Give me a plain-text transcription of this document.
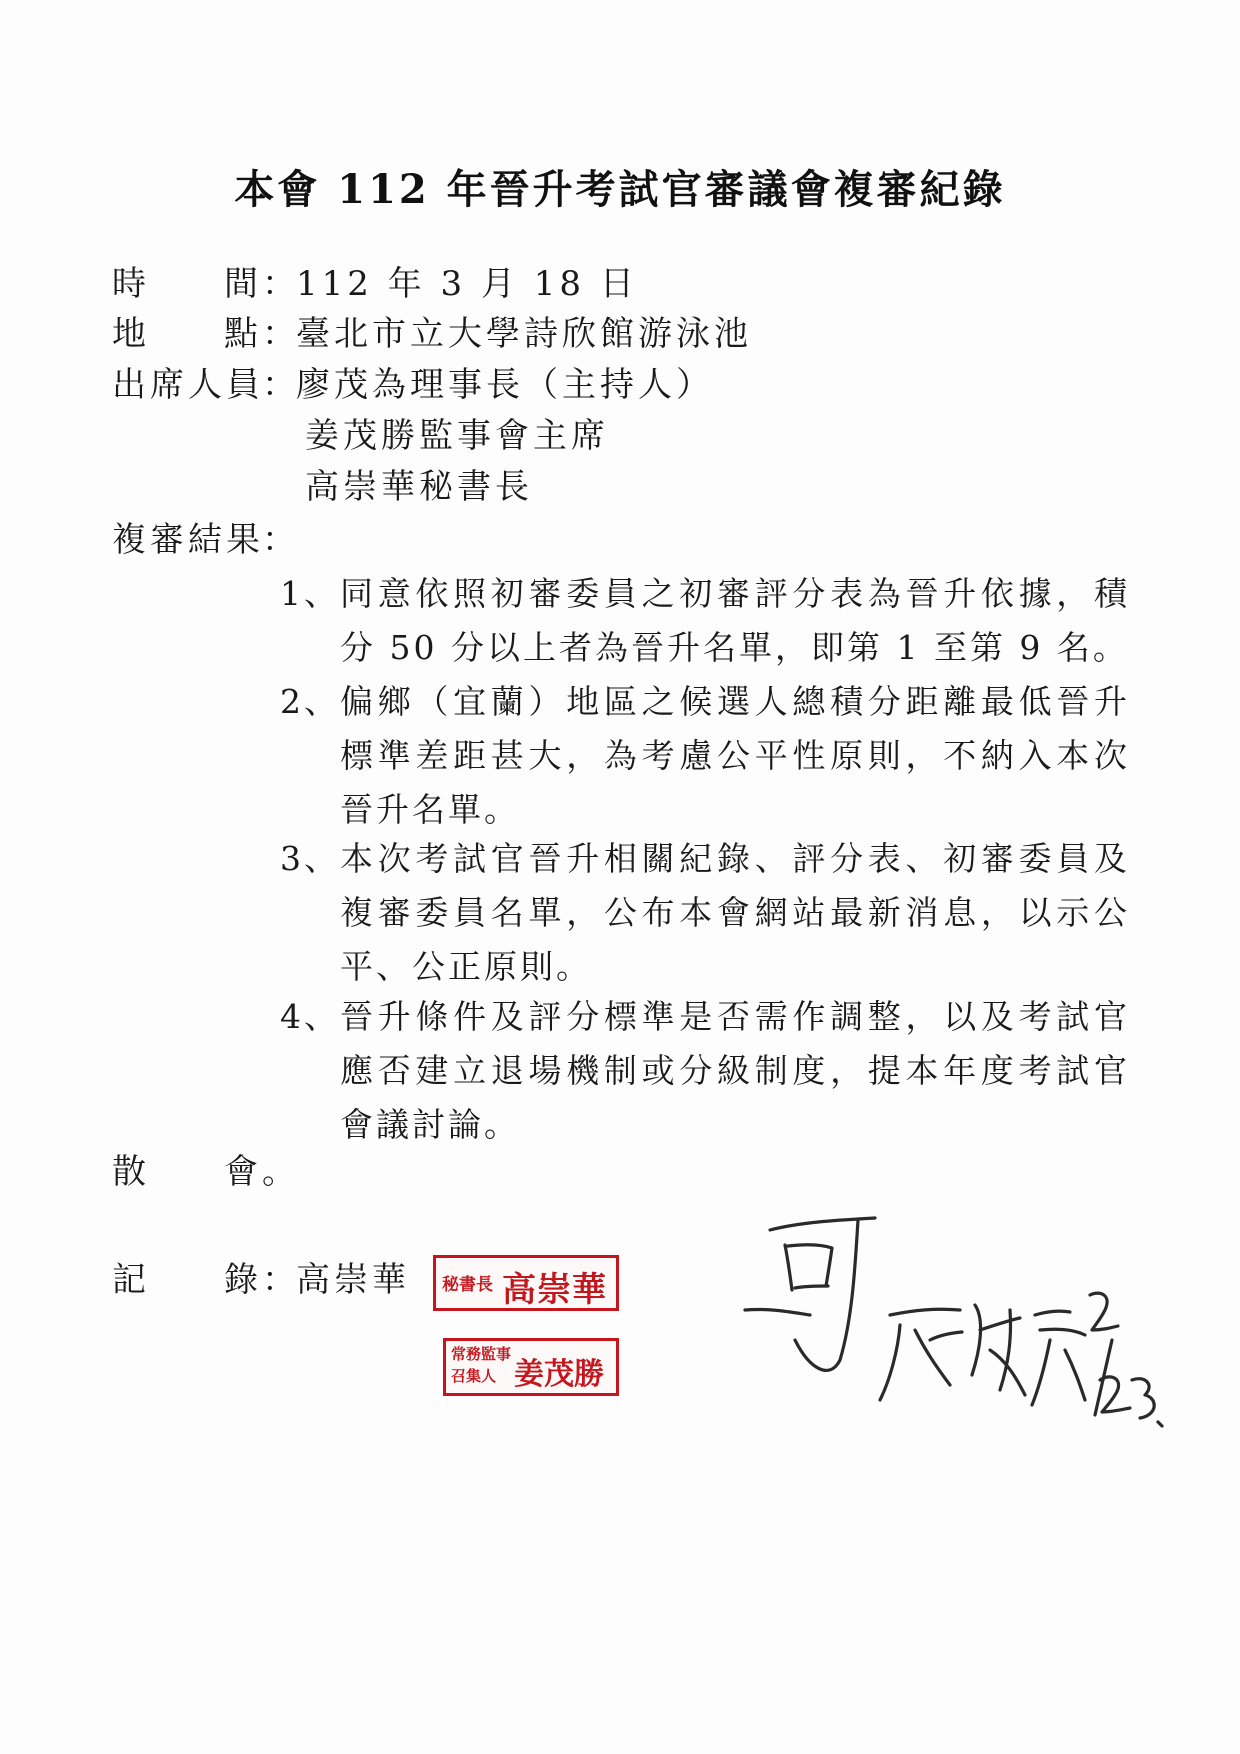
本會 112 年晉升考試官審議會複審紀錄
時間：112 年 3 月 18 日
地點：臺北市立大學詩欣館游泳池
出席人員：廖茂為理事長（主持人）
姜茂勝監事會主席
高崇華秘書長
複審結果：
1、 同意依照初審委員之初審評分表為晉升依據，積分 50 分以上者為晉升名單，即第 1 至第 9 名。
2、 偏鄉（宜蘭）地區之候選人總積分距離最低晉升標準差距甚大，為考慮公平性原則，不納入本次晉升名單。
3、 本次考試官晉升相關紀錄、評分表、初審委員及複審委員名單，公布本會網站最新消息，以示公平、公正原則。
4、 晉升條件及評分標準是否需作調整，以及考試官應否建立退場機制或分級制度，提本年度考試官會議討論。
散會。
記錄：高崇華 秘書長 高崇華
常務監事召集人 姜茂勝
